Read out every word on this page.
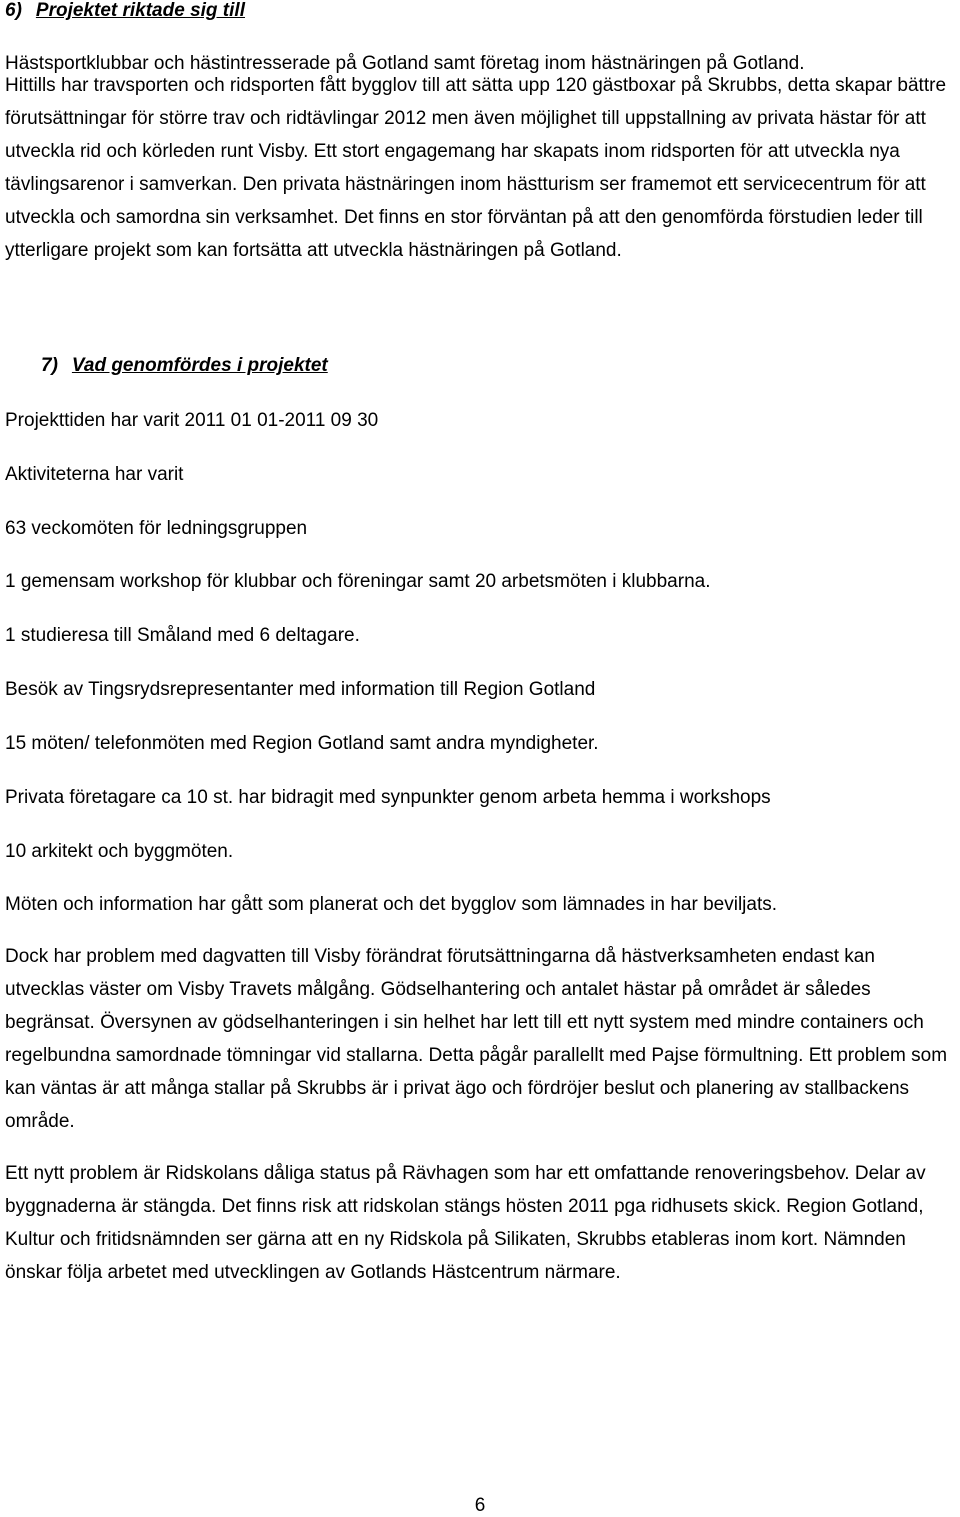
6) Projektet riktade sig till
Hästsportklubbar och hästintresserade på Gotland samt företag inom hästnäringen på Gotland.
Hittills har travsporten och ridsporten fått bygglov till att sätta upp 120 gästboxar på Skrubbs, detta skapar bättre förutsättningar för större trav och ridtävlingar 2012 men även möjlighet till uppstallning av privata hästar för att utveckla rid och körleden runt Visby. Ett stort engagemang har skapats inom ridsporten för att utveckla nya tävlingsarenor i samverkan. Den privata hästnäringen inom hästturism ser framemot ett servicecentrum för att utveckla och samordna sin verksamhet. Det finns en stor förväntan på att den genomförda förstudien leder till ytterligare projekt som kan fortsätta att utveckla hästnäringen på Gotland.
7) Vad genomfördes i projektet
Projekttiden har varit 2011 01 01-2011 09 30
Aktiviteterna har varit
63 veckomöten för ledningsgruppen
1 gemensam workshop för klubbar och föreningar samt 20 arbetsmöten i klubbarna.
1 studieresa till Småland med 6 deltagare.
Besök av Tingsrydsrepresentanter med information till Region Gotland
15 möten/ telefonmöten med Region Gotland samt andra myndigheter.
Privata företagare ca 10 st. har bidragit med synpunkter genom arbeta hemma i workshops
10 arkitekt och byggmöten.
Möten och information har gått som planerat och det bygglov som lämnades in har beviljats.
Dock har problem med dagvatten till Visby förändrat förutsättningarna då hästverksamheten endast kan utvecklas väster om Visby Travets målgång. Gödselhantering och antalet hästar på området är således begränsat. Översynen av gödselhanteringen i sin helhet har lett till ett nytt system med mindre containers och regelbundna samordnade tömningar vid stallarna. Detta pågår parallellt med Pajse förmultning. Ett problem som kan väntas är att många stallar på Skrubbs är i privat ägo och fördröjer beslut och planering av stallbackens område.
Ett nytt problem är Ridskolans dåliga status på Rävhagen som har ett omfattande renoveringsbehov. Delar av byggnaderna är stängda. Det finns risk att ridskolan stängs hösten 2011 pga ridhusets skick. Region Gotland, Kultur och fritidsnämnden ser gärna att en ny Ridskola på Silikaten, Skrubbs etableras inom kort. Nämnden önskar följa arbetet med utvecklingen av Gotlands Hästcentrum närmare.
6
